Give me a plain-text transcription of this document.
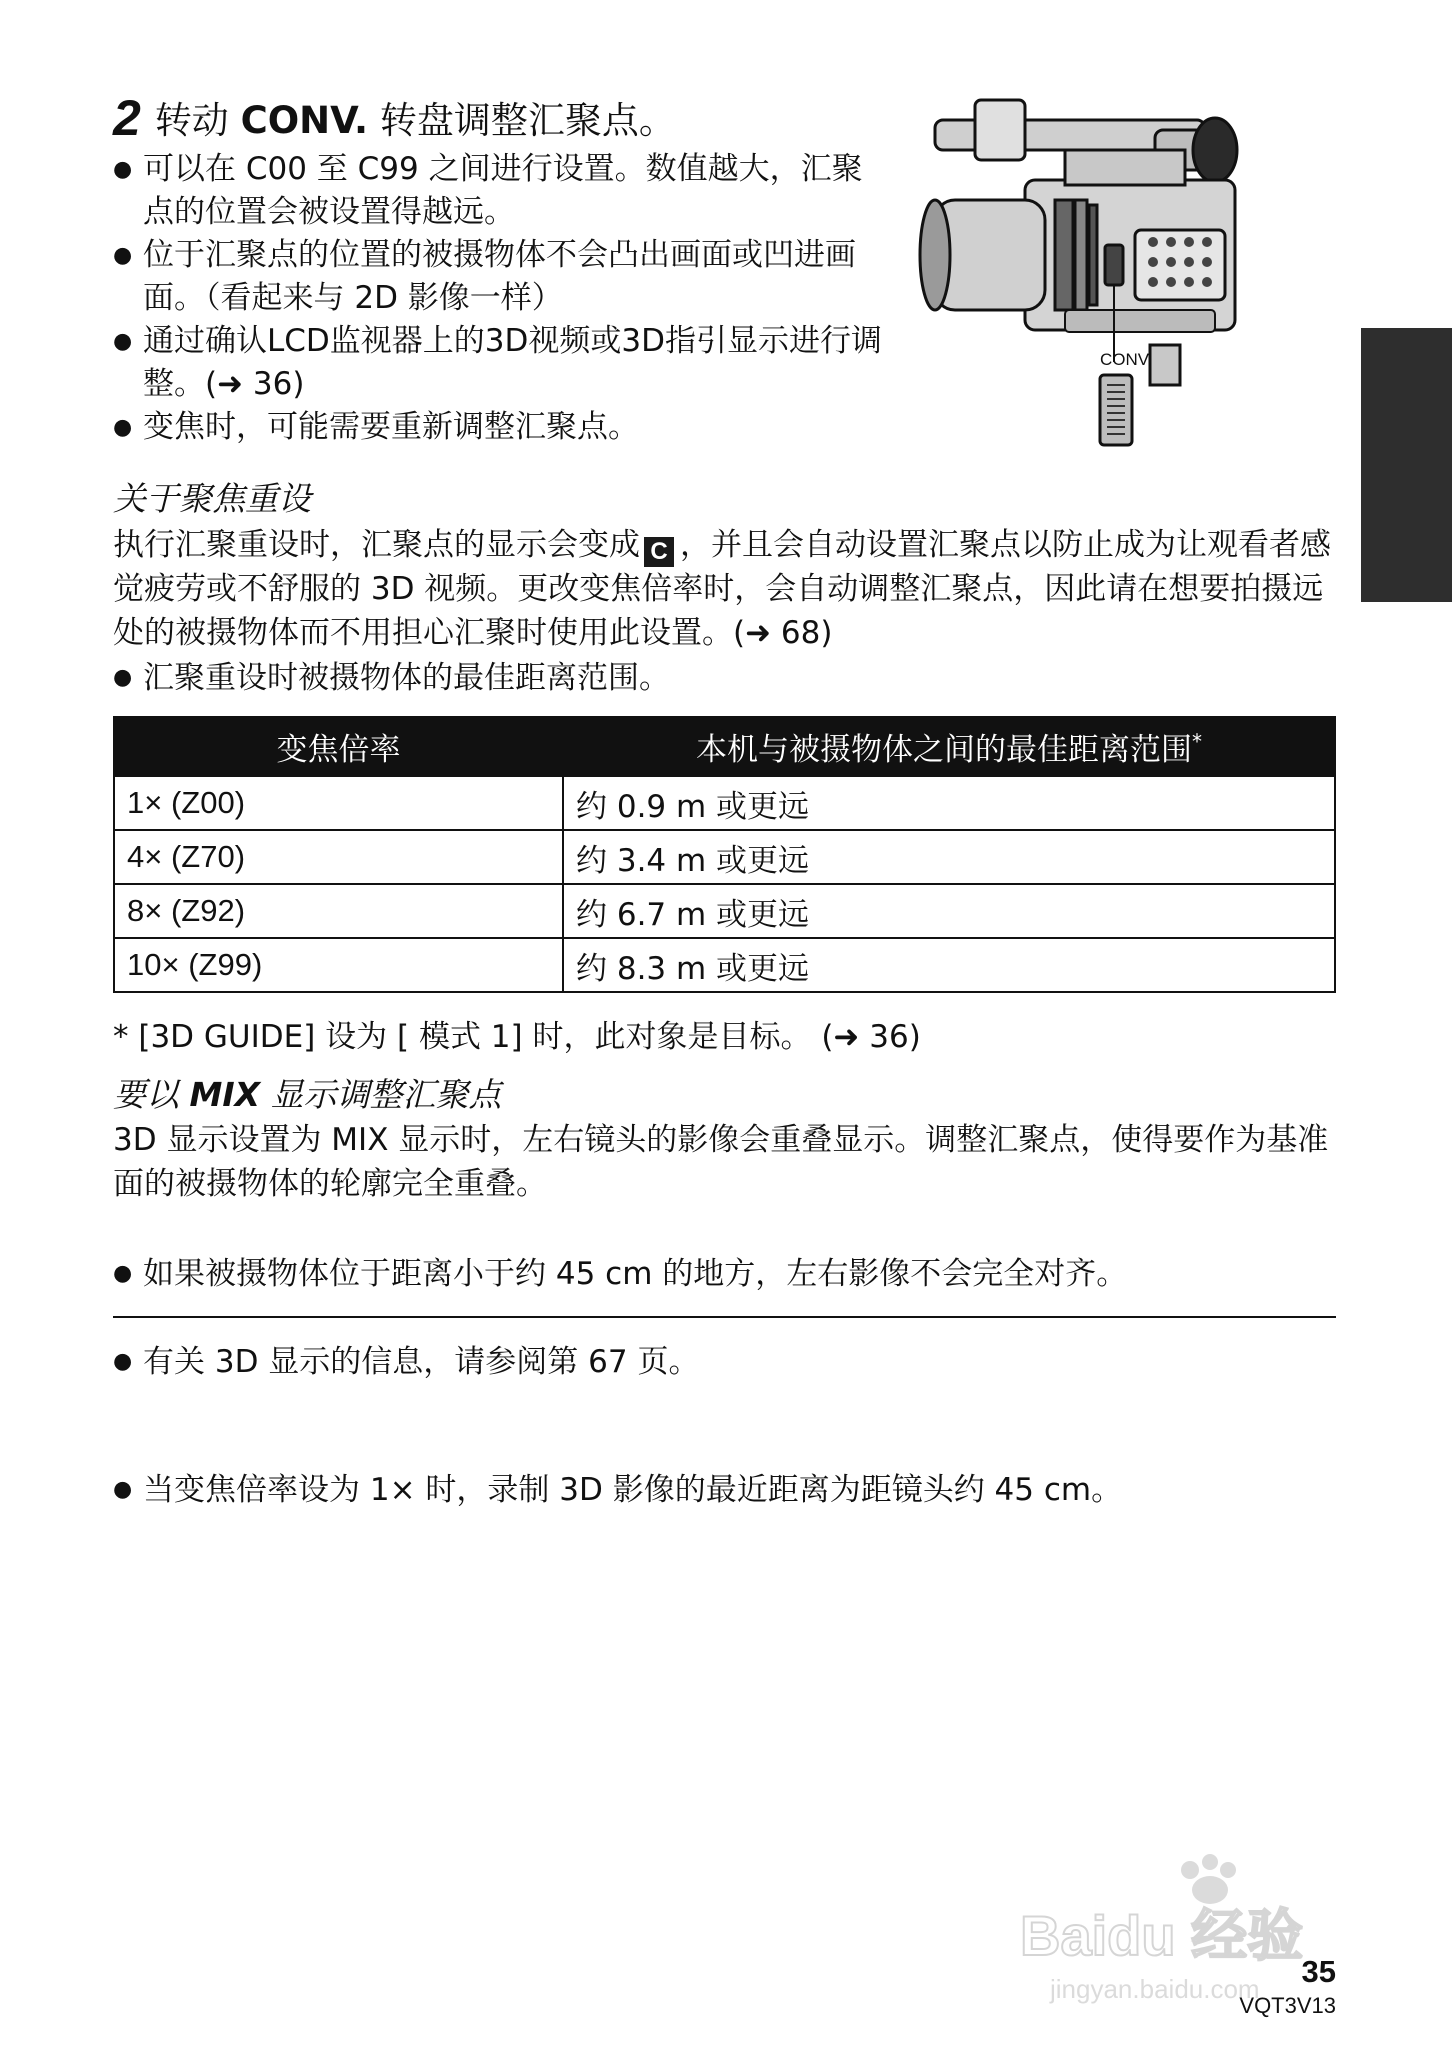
2 转动 CONV. 转盘调整汇聚点。
● 可以在 C00 至 C99 之间进行设置。数值越大，汇聚点的位置会被设置得越远。
● 位于汇聚点的位置的被摄物体不会凸出画面或凹进画面。（看起来与 2D 影像一样）
● 通过确认LCD监视器上的3D视频或3D指引显示进行调整。(➜ 36)
● 变焦时，可能需要重新调整汇聚点。
CONV.
关于聚焦重设
执行汇聚重设时，汇聚点的显示会变成 C ，并且会自动设置汇聚点以防止成为让观看者感觉疲劳或不舒服的 3D 视频。更改变焦倍率时，会自动调整汇聚点，因此请在想要拍摄远处的被摄物体而不用担心汇聚时使用此设置。(➜ 68)
● 汇聚重设时被摄物体的最佳距离范围。
变焦倍率	本机与被摄物体之间的最佳距离范围*
1× (Z00)	约 0.9 m 或更远
4× (Z70)	约 3.4 m 或更远
8× (Z92)	约 6.7 m 或更远
10× (Z99)	约 8.3 m 或更远
* [3D GUIDE] 设为 [ 模式 1] 时，此对象是目标。 (➜ 36)
要以 MIX 显示调整汇聚点
3D 显示设置为 MIX 显示时，左右镜头的影像会重叠显示。调整汇聚点，使得要作为基准面的被摄物体的轮廓完全重叠。
● 如果被摄物体位于距离小于约 45 cm 的地方，左右影像不会完全对齐。
● 有关 3D 显示的信息，请参阅第 67 页。
● 当变焦倍率设为 1× 时，录制 3D 影像的最近距离为距镜头约 45 cm。
Baidu 经验
jingyan.baidu.com 35
VQT3V13
